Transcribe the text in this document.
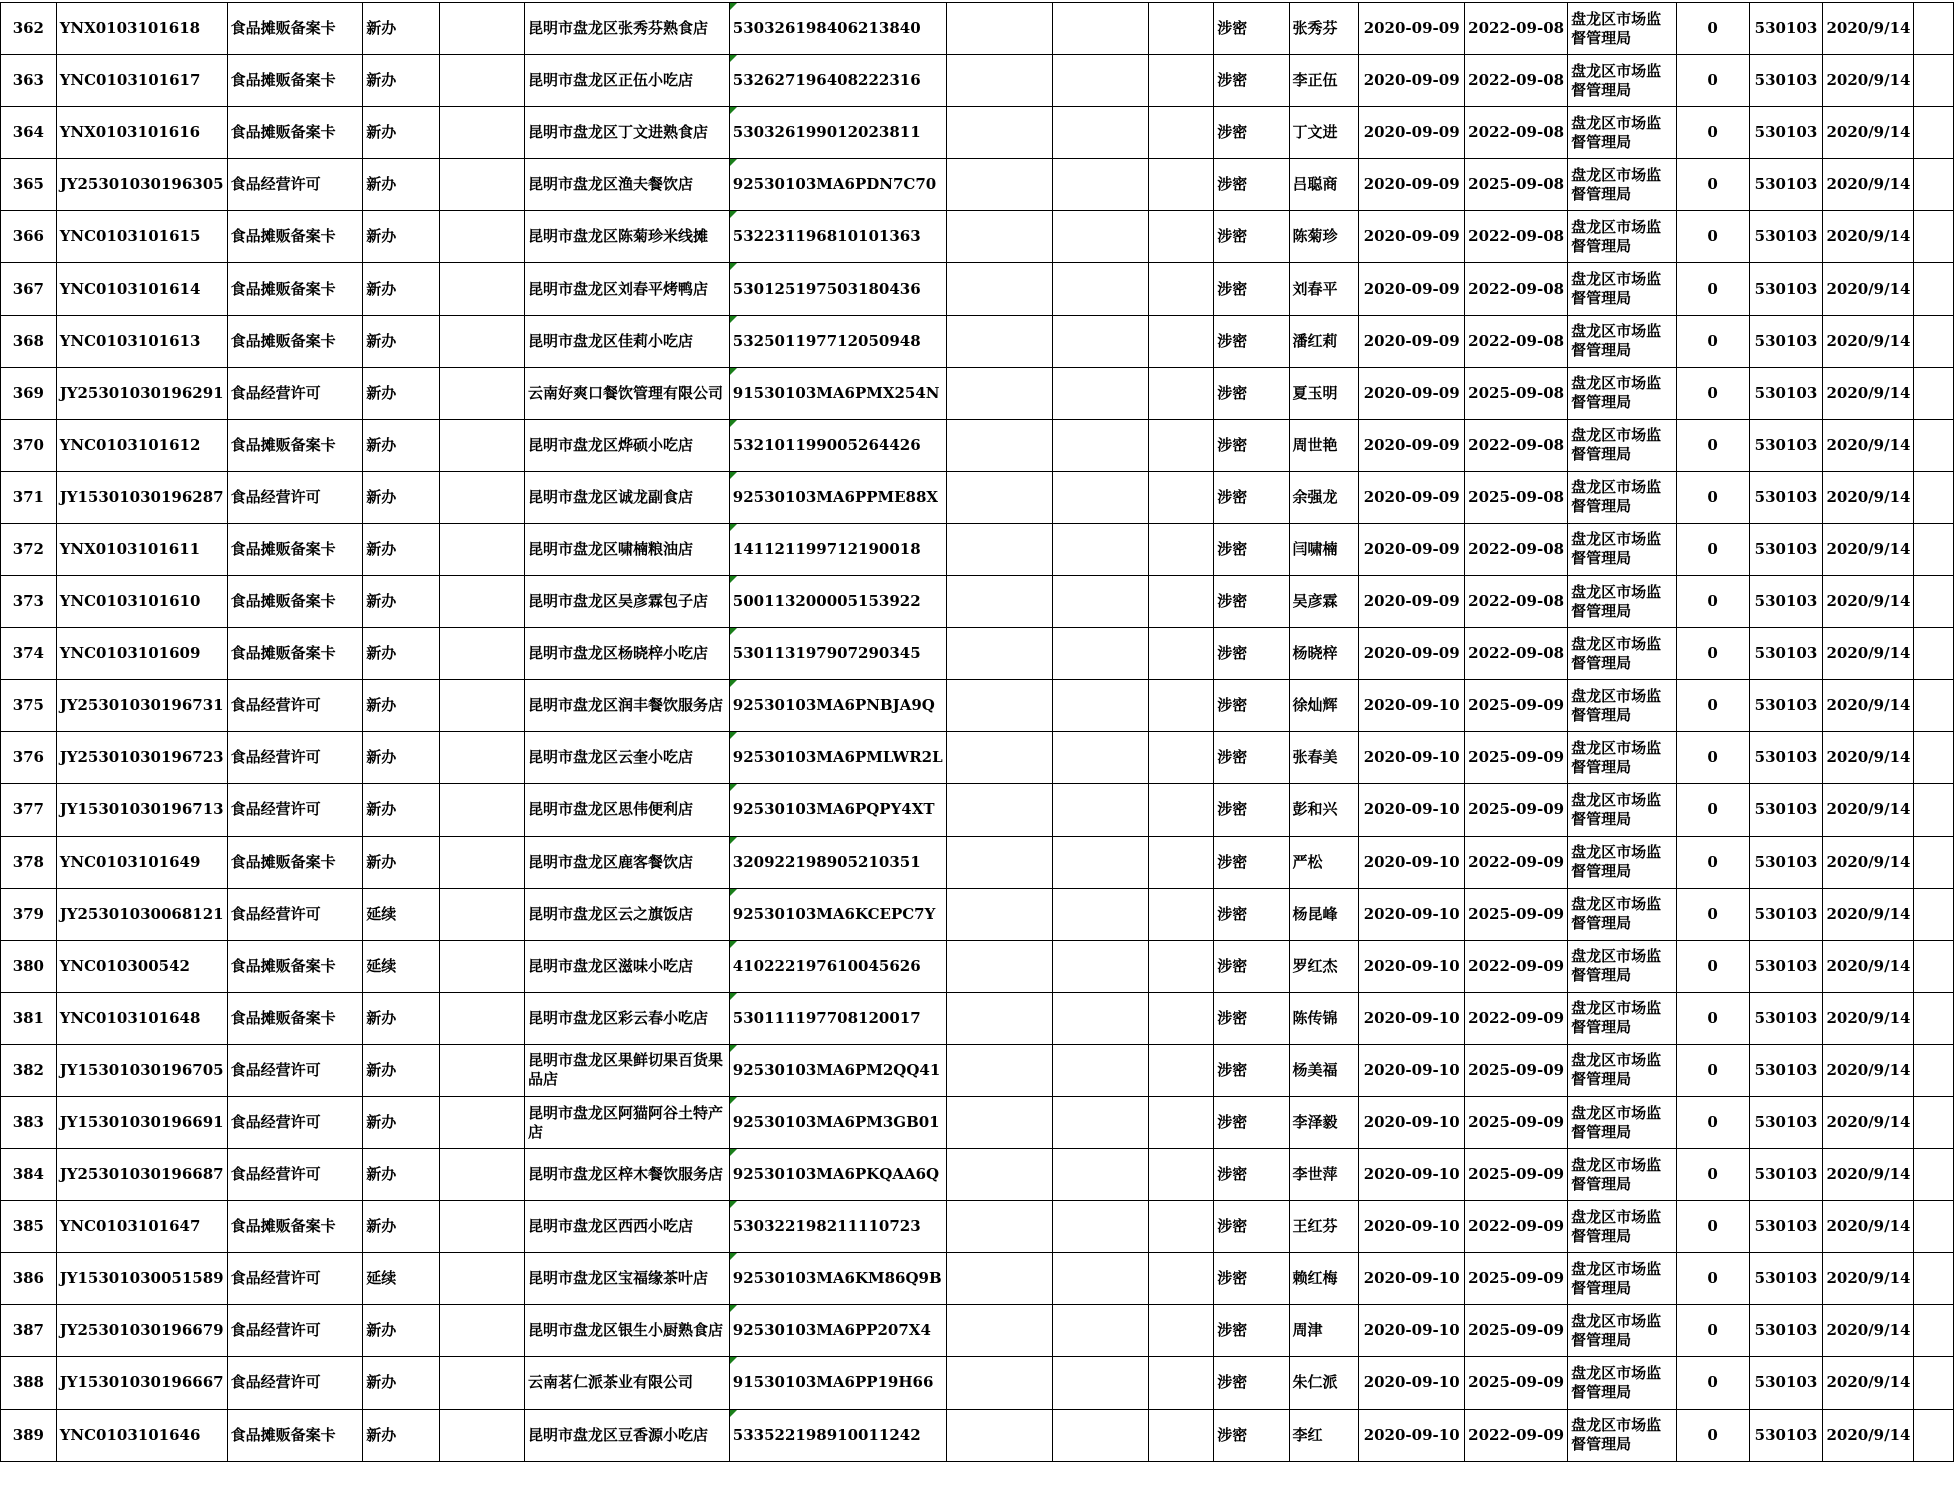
362	YNX0103101618	食品摊贩备案卡	新办		昆明市盘龙区张秀芬熟食店	530326198406213840				涉密	张秀芬	2020-09-09	2022-09-08	盘龙区市场监督管理局	0	530103	2020/9/14	
363	YNC0103101617	食品摊贩备案卡	新办		昆明市盘龙区正伍小吃店	532627196408222316				涉密	李正伍	2020-09-09	2022-09-08	盘龙区市场监督管理局	0	530103	2020/9/14	
364	YNX0103101616	食品摊贩备案卡	新办		昆明市盘龙区丁文进熟食店	530326199012023811				涉密	丁文进	2020-09-09	2022-09-08	盘龙区市场监督管理局	0	530103	2020/9/14	
365	JY25301030196305	食品经营许可	新办		昆明市盘龙区渔夫餐饮店	92530103MA6PDN7C70				涉密	吕聪商	2020-09-09	2025-09-08	盘龙区市场监督管理局	0	530103	2020/9/14	
366	YNC0103101615	食品摊贩备案卡	新办		昆明市盘龙区陈菊珍米线摊	532231196810101363				涉密	陈菊珍	2020-09-09	2022-09-08	盘龙区市场监督管理局	0	530103	2020/9/14	
367	YNC0103101614	食品摊贩备案卡	新办		昆明市盘龙区刘春平烤鸭店	530125197503180436				涉密	刘春平	2020-09-09	2022-09-08	盘龙区市场监督管理局	0	530103	2020/9/14	
368	YNC0103101613	食品摊贩备案卡	新办		昆明市盘龙区佳莉小吃店	532501197712050948				涉密	潘红莉	2020-09-09	2022-09-08	盘龙区市场监督管理局	0	530103	2020/9/14	
369	JY25301030196291	食品经营许可	新办		云南好爽口餐饮管理有限公司	91530103MA6PMX254N				涉密	夏玉明	2020-09-09	2025-09-08	盘龙区市场监督管理局	0	530103	2020/9/14	
370	YNC0103101612	食品摊贩备案卡	新办		昆明市盘龙区烨硕小吃店	532101199005264426				涉密	周世艳	2020-09-09	2022-09-08	盘龙区市场监督管理局	0	530103	2020/9/14	
371	JY15301030196287	食品经营许可	新办		昆明市盘龙区诚龙副食店	92530103MA6PPME88X				涉密	余强龙	2020-09-09	2025-09-08	盘龙区市场监督管理局	0	530103	2020/9/14	
372	YNX0103101611	食品摊贩备案卡	新办		昆明市盘龙区啸楠粮油店	141121199712190018				涉密	闫啸楠	2020-09-09	2022-09-08	盘龙区市场监督管理局	0	530103	2020/9/14	
373	YNC0103101610	食品摊贩备案卡	新办		昆明市盘龙区吴彦霖包子店	500113200005153922				涉密	吴彦霖	2020-09-09	2022-09-08	盘龙区市场监督管理局	0	530103	2020/9/14	
374	YNC0103101609	食品摊贩备案卡	新办		昆明市盘龙区杨晓梓小吃店	530113197907290345				涉密	杨晓梓	2020-09-09	2022-09-08	盘龙区市场监督管理局	0	530103	2020/9/14	
375	JY25301030196731	食品经营许可	新办		昆明市盘龙区润丰餐饮服务店	92530103MA6PNBJA9Q				涉密	徐灿辉	2020-09-10	2025-09-09	盘龙区市场监督管理局	0	530103	2020/9/14	
376	JY25301030196723	食品经营许可	新办		昆明市盘龙区云奎小吃店	92530103MA6PMLWR2L				涉密	张春美	2020-09-10	2025-09-09	盘龙区市场监督管理局	0	530103	2020/9/14	
377	JY15301030196713	食品经营许可	新办		昆明市盘龙区思伟便利店	92530103MA6PQPY4XT				涉密	彭和兴	2020-09-10	2025-09-09	盘龙区市场监督管理局	0	530103	2020/9/14	
378	YNC0103101649	食品摊贩备案卡	新办		昆明市盘龙区鹿客餐饮店	320922198905210351				涉密	严松	2020-09-10	2022-09-09	盘龙区市场监督管理局	0	530103	2020/9/14	
379	JY25301030068121	食品经营许可	延续		昆明市盘龙区云之旗饭店	92530103MA6KCEPC7Y				涉密	杨昆峰	2020-09-10	2025-09-09	盘龙区市场监督管理局	0	530103	2020/9/14	
380	YNC010300542	食品摊贩备案卡	延续		昆明市盘龙区滋味小吃店	410222197610045626				涉密	罗红杰	2020-09-10	2022-09-09	盘龙区市场监督管理局	0	530103	2020/9/14	
381	YNC0103101648	食品摊贩备案卡	新办		昆明市盘龙区彩云春小吃店	530111197708120017				涉密	陈传锦	2020-09-10	2022-09-09	盘龙区市场监督管理局	0	530103	2020/9/14	
382	JY15301030196705	食品经营许可	新办		昆明市盘龙区果鲜切果百货果品店	92530103MA6PM2QQ41				涉密	杨美福	2020-09-10	2025-09-09	盘龙区市场监督管理局	0	530103	2020/9/14	
383	JY15301030196691	食品经营许可	新办		昆明市盘龙区阿猫阿谷土特产店	92530103MA6PM3GB01				涉密	李泽毅	2020-09-10	2025-09-09	盘龙区市场监督管理局	0	530103	2020/9/14	
384	JY25301030196687	食品经营许可	新办		昆明市盘龙区梓木餐饮服务店	92530103MA6PKQAA6Q				涉密	李世萍	2020-09-10	2025-09-09	盘龙区市场监督管理局	0	530103	2020/9/14	
385	YNC0103101647	食品摊贩备案卡	新办		昆明市盘龙区西西小吃店	530322198211110723				涉密	王红芬	2020-09-10	2022-09-09	盘龙区市场监督管理局	0	530103	2020/9/14	
386	JY15301030051589	食品经营许可	延续		昆明市盘龙区宝福缘茶叶店	92530103MA6KM86Q9B				涉密	赖红梅	2020-09-10	2025-09-09	盘龙区市场监督管理局	0	530103	2020/9/14	
387	JY25301030196679	食品经营许可	新办		昆明市盘龙区银生小厨熟食店	92530103MA6PP207X4				涉密	周津	2020-09-10	2025-09-09	盘龙区市场监督管理局	0	530103	2020/9/14	
388	JY15301030196667	食品经营许可	新办		云南茗仁派茶业有限公司	91530103MA6PP19H66				涉密	朱仁派	2020-09-10	2025-09-09	盘龙区市场监督管理局	0	530103	2020/9/14	
389	YNC0103101646	食品摊贩备案卡	新办		昆明市盘龙区豆香源小吃店	533522198910011242				涉密	李红	2020-09-10	2022-09-09	盘龙区市场监督管理局	0	530103	2020/9/14	
